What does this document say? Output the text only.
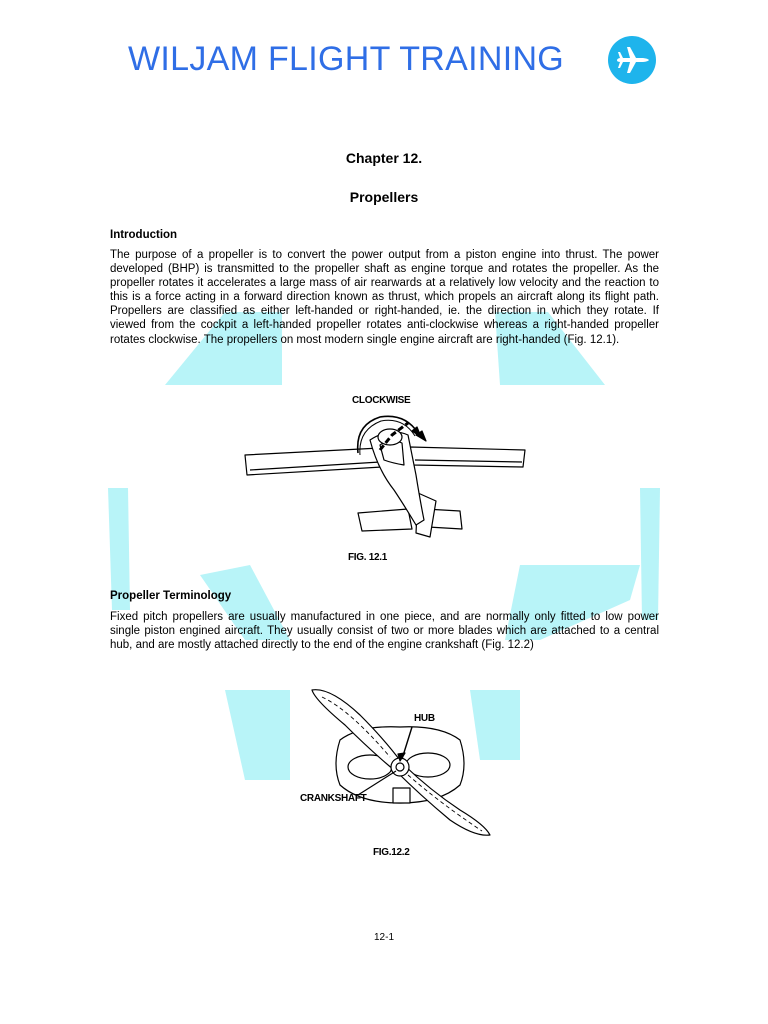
WILJAM FLIGHT TRAINING
Chapter 12.
Propellers
Introduction

The purpose of a propeller is to convert the power output from a piston engine into thrust. The power developed (BHP) is transmitted to the propeller shaft as engine torque and rotates the propeller. As the propeller rotates it accelerates a large mass of air rearwards at a relatively low velocity and the reaction to this is a force acting in a forward direction known as thrust, which propels an aircraft along its flight path. Propellers are classified as either left-handed or right-handed, ie. the direction in which they rotate. If viewed from the cockpit a left-handed propeller rotates anti-clockwise whereas a right-handed propeller rotates clockwise. The propellers on most modern single engine aircraft are right-handed (Fig. 12.1).

CLOCKWISE
FIG. 12.1
Propeller Terminology

Fixed pitch propellers are usually manufactured in one piece, and are normally only fitted to low power single piston engined aircraft. They usually consist of two or more blades which are attached to a central hub, and are mostly attached directly to the end of the engine crankshaft (Fig. 12.2)

HUB
CRANKSHAFT
FIG.12.2

12-1
